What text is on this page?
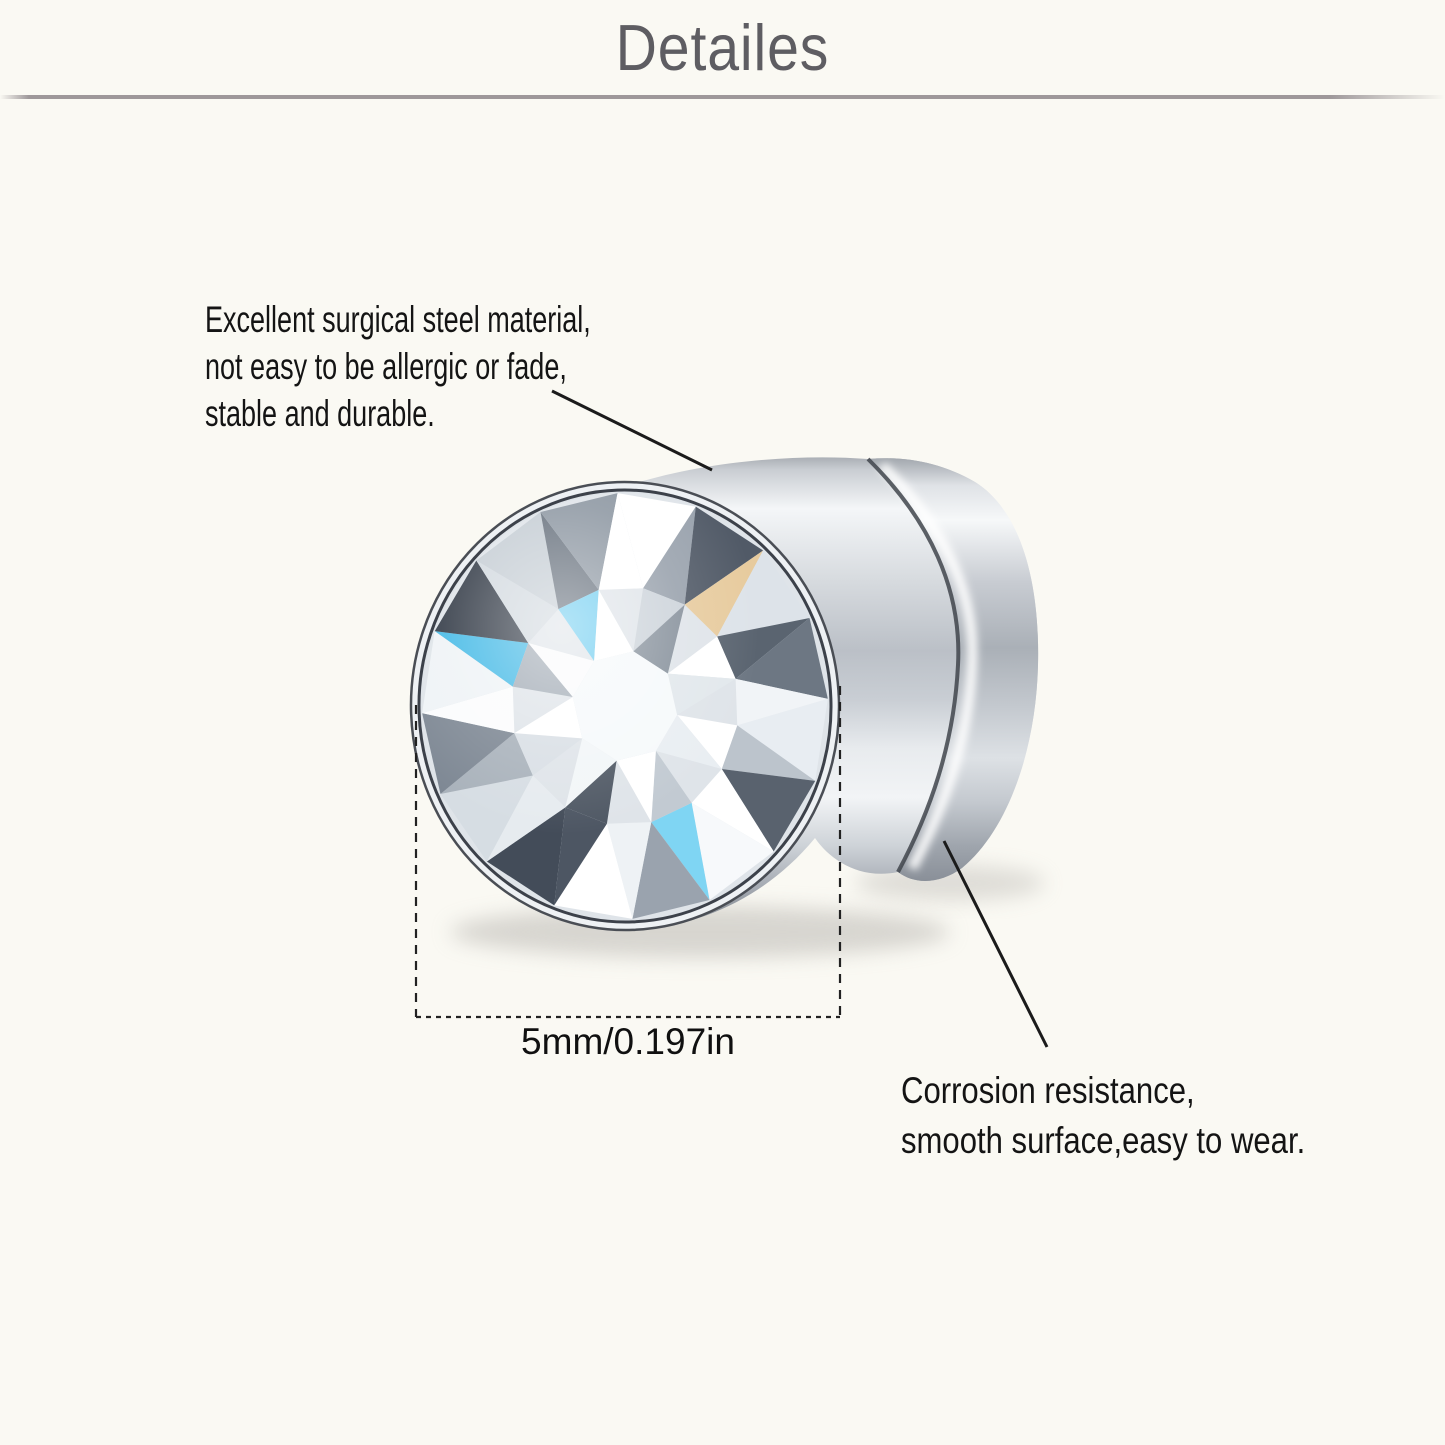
Detailes
Excellent surgical steel material,
not easy to be allergic or fade,
stable and durable.
Corrosion resistance,
smooth surface,easy to wear.
5mm/0.197in
